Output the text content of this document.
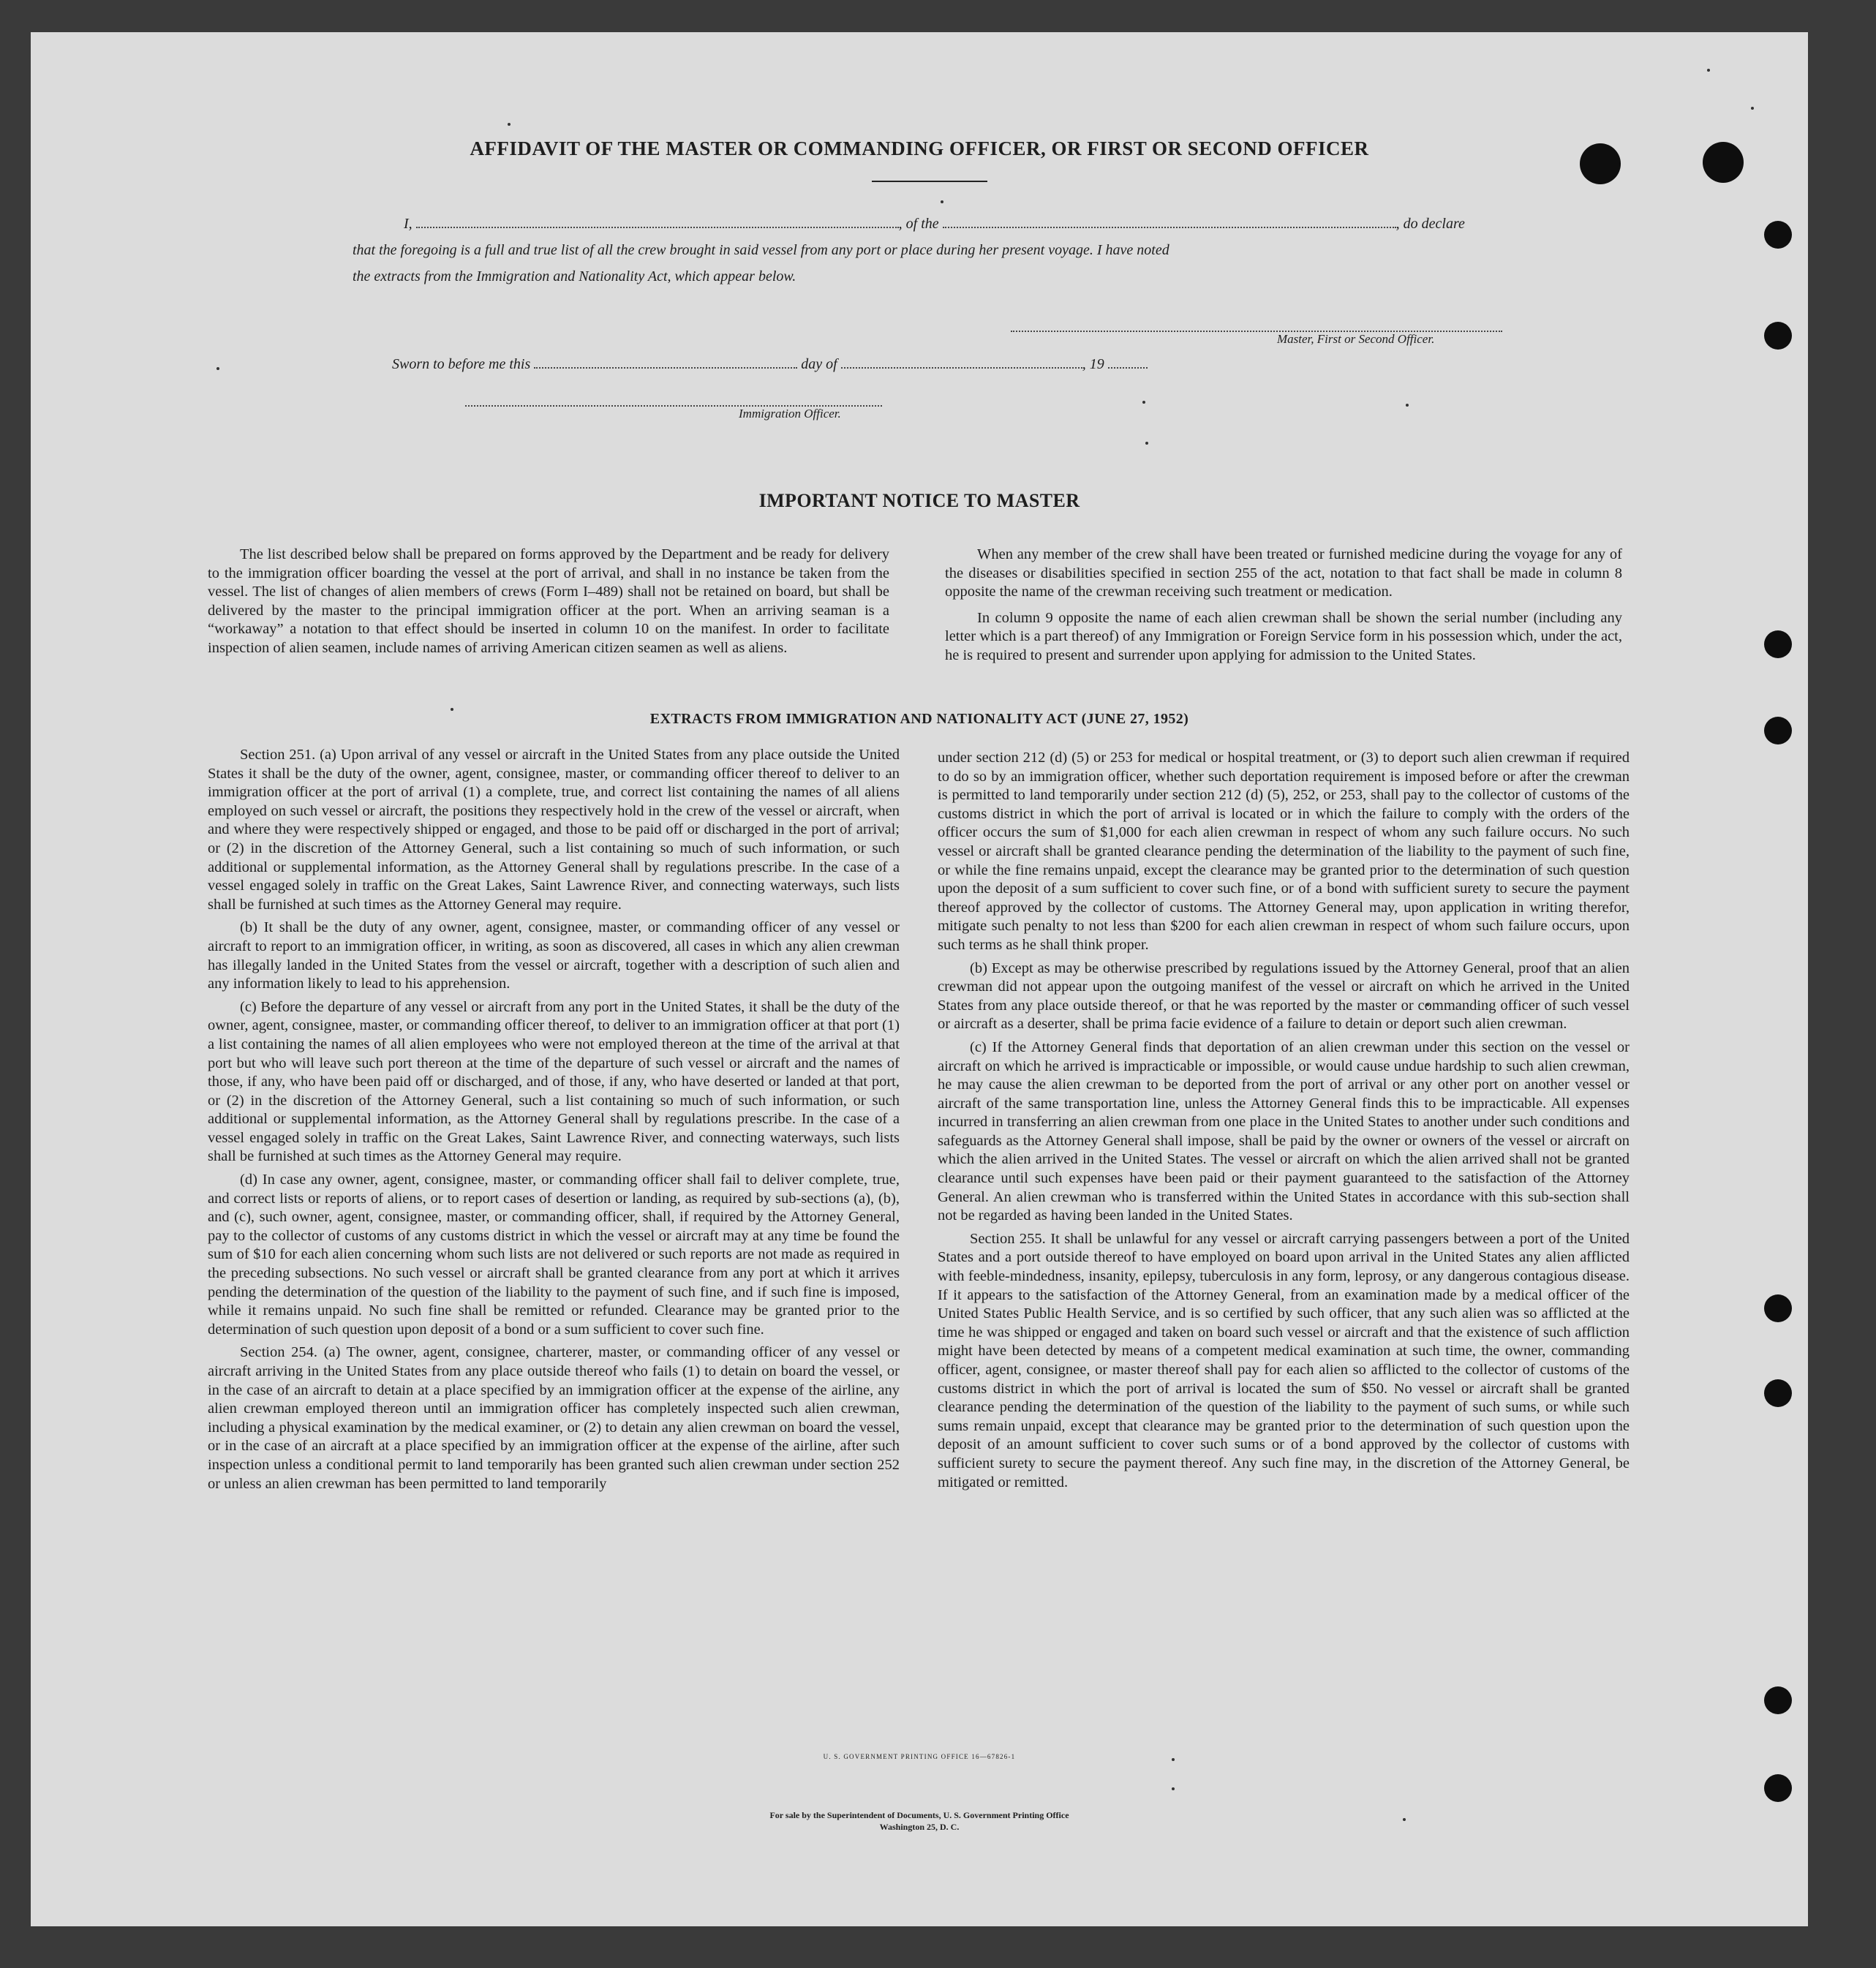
AFFIDAVIT OF THE MASTER OR COMMANDING OFFICER, OR FIRST OR SECOND OFFICER

I,	, of the	, do declare

that the foregoing is a full and true list of all the crew brought in said vessel from any port or place during her present voyage. I have noted

the extracts from the Immigration and Nationality Act, which appear below.

Master, First or Second Officer.
Sworn to before me this	day of	, 19
Immigration Officer.
IMPORTANT NOTICE TO MASTER

The list described below shall be prepared on forms approved by the Department and be ready for delivery to the immigration officer boarding the vessel at the port of arrival, and shall in no instance be taken from the vessel. The list of changes of alien members of crews (Form I–489) shall not be retained on board, but shall be delivered by the master to the principal immigration officer at the port. When an arriving seaman is a “workaway” a notation to that effect should be inserted in column 10 on the manifest. In order to facilitate inspection of alien seamen, include names of arriving American citizen seamen as well as aliens.

When any member of the crew shall have been treated or furnished medicine during the voyage for any of the diseases or disabilities specified in section 255 of the act, notation to that fact shall be made in column 8 opposite the name of the crewman receiving such treatment or medication.

In column 9 opposite the name of each alien crewman shall be shown the serial number (including any letter which is a part thereof) of any Immigration or Foreign Service form in his possession which, under the act, he is required to present and surrender upon applying for admission to the United States.

EXTRACTS FROM IMMIGRATION AND NATIONALITY ACT (JUNE 27, 1952)

Section 251. (a) Upon arrival of any vessel or aircraft in the United States from any place outside the United States it shall be the duty of the owner, agent, consignee, master, or commanding officer thereof to deliver to an immigration officer at the port of arrival (1) a complete, true, and correct list containing the names of all aliens employed on such vessel or aircraft, the positions they respectively hold in the crew of the vessel or aircraft, when and where they were respectively shipped or engaged, and those to be paid off or discharged in the port of arrival; or (2) in the discretion of the Attorney General, such a list containing so much of such information, or such additional or supplemental information, as the Attorney General shall by regulations prescribe. In the case of a vessel engaged solely in traffic on the Great Lakes, Saint Lawrence River, and connecting waterways, such lists shall be furnished at such times as the Attorney General may require.

(b) It shall be the duty of any owner, agent, consignee, master, or commanding officer of any vessel or aircraft to report to an immigration officer, in writing, as soon as discovered, all cases in which any alien crewman has illegally landed in the United States from the vessel or aircraft, together with a description of such alien and any information likely to lead to his apprehension.

(c) Before the departure of any vessel or aircraft from any port in the United States, it shall be the duty of the owner, agent, consignee, master, or commanding officer thereof, to deliver to an immigration officer at that port (1) a list containing the names of all alien employees who were not employed thereon at the time of the arrival at that port but who will leave such port thereon at the time of the departure of such vessel or aircraft and the names of those, if any, who have been paid off or discharged, and of those, if any, who have deserted or landed at that port, or (2) in the discretion of the Attorney General, such a list containing so much of such information, or such additional or supplemental information, as the Attorney General shall by regulations prescribe. In the case of a vessel engaged solely in traffic on the Great Lakes, Saint Lawrence River, and connecting waterways, such lists shall be furnished at such times as the Attorney General may require.

(d) In case any owner, agent, consignee, master, or commanding officer shall fail to deliver complete, true, and correct lists or reports of aliens, or to report cases of desertion or landing, as required by sub-sections (a), (b), and (c), such owner, agent, consignee, master, or commanding officer, shall, if required by the Attorney General, pay to the collector of customs of any customs district in which the vessel or aircraft may at any time be found the sum of $10 for each alien concerning whom such lists are not delivered or such reports are not made as required in the preceding subsections. No such vessel or aircraft shall be granted clearance from any port at which it arrives pending the determination of the question of the liability to the payment of such fine, and if such fine is imposed, while it remains unpaid. No such fine shall be remitted or refunded. Clearance may be granted prior to the determination of such question upon deposit of a bond or a sum sufficient to cover such fine.

Section 254. (a) The owner, agent, consignee, charterer, master, or commanding officer of any vessel or aircraft arriving in the United States from any place outside thereof who fails (1) to detain on board the vessel, or in the case of an aircraft to detain at a place specified by an immigration officer at the expense of the airline, any alien crewman employed thereon until an immigration officer has completely inspected such alien crewman, including a physical examination by the medical examiner, or (2) to detain any alien crewman on board the vessel, or in the case of an aircraft at a place specified by an immigration officer at the expense of the airline, after such inspection unless a conditional permit to land temporarily has been granted such alien crewman under section 252 or unless an alien crewman has been permitted to land temporarily

under section 212 (d) (5) or 253 for medical or hospital treatment, or (3) to deport such alien crewman if required to do so by an immigration officer, whether such deportation requirement is imposed before or after the crewman is permitted to land temporarily under section 212 (d) (5), 252, or 253, shall pay to the collector of customs of the customs district in which the port of arrival is located or in which the failure to comply with the orders of the officer occurs the sum of $1,000 for each alien crewman in respect of whom any such failure occurs. No such vessel or aircraft shall be granted clearance pending the determination of the liability to the payment of such fine, or while the fine remains unpaid, except the clearance may be granted prior to the determination of such question upon the deposit of a sum sufficient to cover such fine, or of a bond with sufficient surety to secure the payment thereof approved by the collector of customs. The Attorney General may, upon application in writing therefor, mitigate such penalty to not less than $200 for each alien crewman in respect of whom such failure occurs, upon such terms as he shall think proper.

(b) Except as may be otherwise prescribed by regulations issued by the Attorney General, proof that an alien crewman did not appear upon the outgoing manifest of the vessel or aircraft on which he arrived in the United States from any place outside thereof, or that he was reported by the master or commanding officer of such vessel or aircraft as a deserter, shall be prima facie evidence of a failure to detain or deport such alien crewman.

(c) If the Attorney General finds that deportation of an alien crewman under this section on the vessel or aircraft on which he arrived is impracticable or impossible, or would cause undue hardship to such alien crewman, he may cause the alien crewman to be deported from the port of arrival or any other port on another vessel or aircraft of the same transportation line, unless the Attorney General finds this to be impracticable. All expenses incurred in transferring an alien crewman from one place in the United States to another under such conditions and safeguards as the Attorney General shall impose, shall be paid by the owner or owners of the vessel or aircraft on which the alien arrived in the United States. The vessel or aircraft on which the alien arrived shall not be granted clearance until such expenses have been paid or their payment guaranteed to the satisfaction of the Attorney General. An alien crewman who is transferred within the United States in accordance with this sub-section shall not be regarded as having been landed in the United States.

Section 255. It shall be unlawful for any vessel or aircraft carrying passengers between a port of the United States and a port outside thereof to have employed on board upon arrival in the United States any alien afflicted with feeble-mindedness, insanity, epilepsy, tuberculosis in any form, leprosy, or any dangerous contagious disease. If it appears to the satisfaction of the Attorney General, from an examination made by a medical officer of the United States Public Health Service, and is so certified by such officer, that any such alien was so afflicted at the time he was shipped or engaged and taken on board such vessel or aircraft and that the existence of such affliction might have been detected by means of a competent medical examination at such time, the owner, commanding officer, agent, consignee, or master thereof shall pay for each alien so afflicted to the collector of customs of the customs district in which the port of arrival is located the sum of $50. No vessel or aircraft shall be granted clearance pending the determination of the question of the liability to the payment of such sums, or while such sums remain unpaid, except that clearance may be granted prior to the determination of such question upon the deposit of an amount sufficient to cover such sums or of a bond approved by the collector of customs with sufficient surety to secure the payment thereof. Any such fine may, in the discretion of the Attorney General, be mitigated or remitted.

U. S. GOVERNMENT PRINTING OFFICE 16—67826-1
For sale by the Superintendent of Documents, U. S. Government Printing Office
Washington 25, D. C.
